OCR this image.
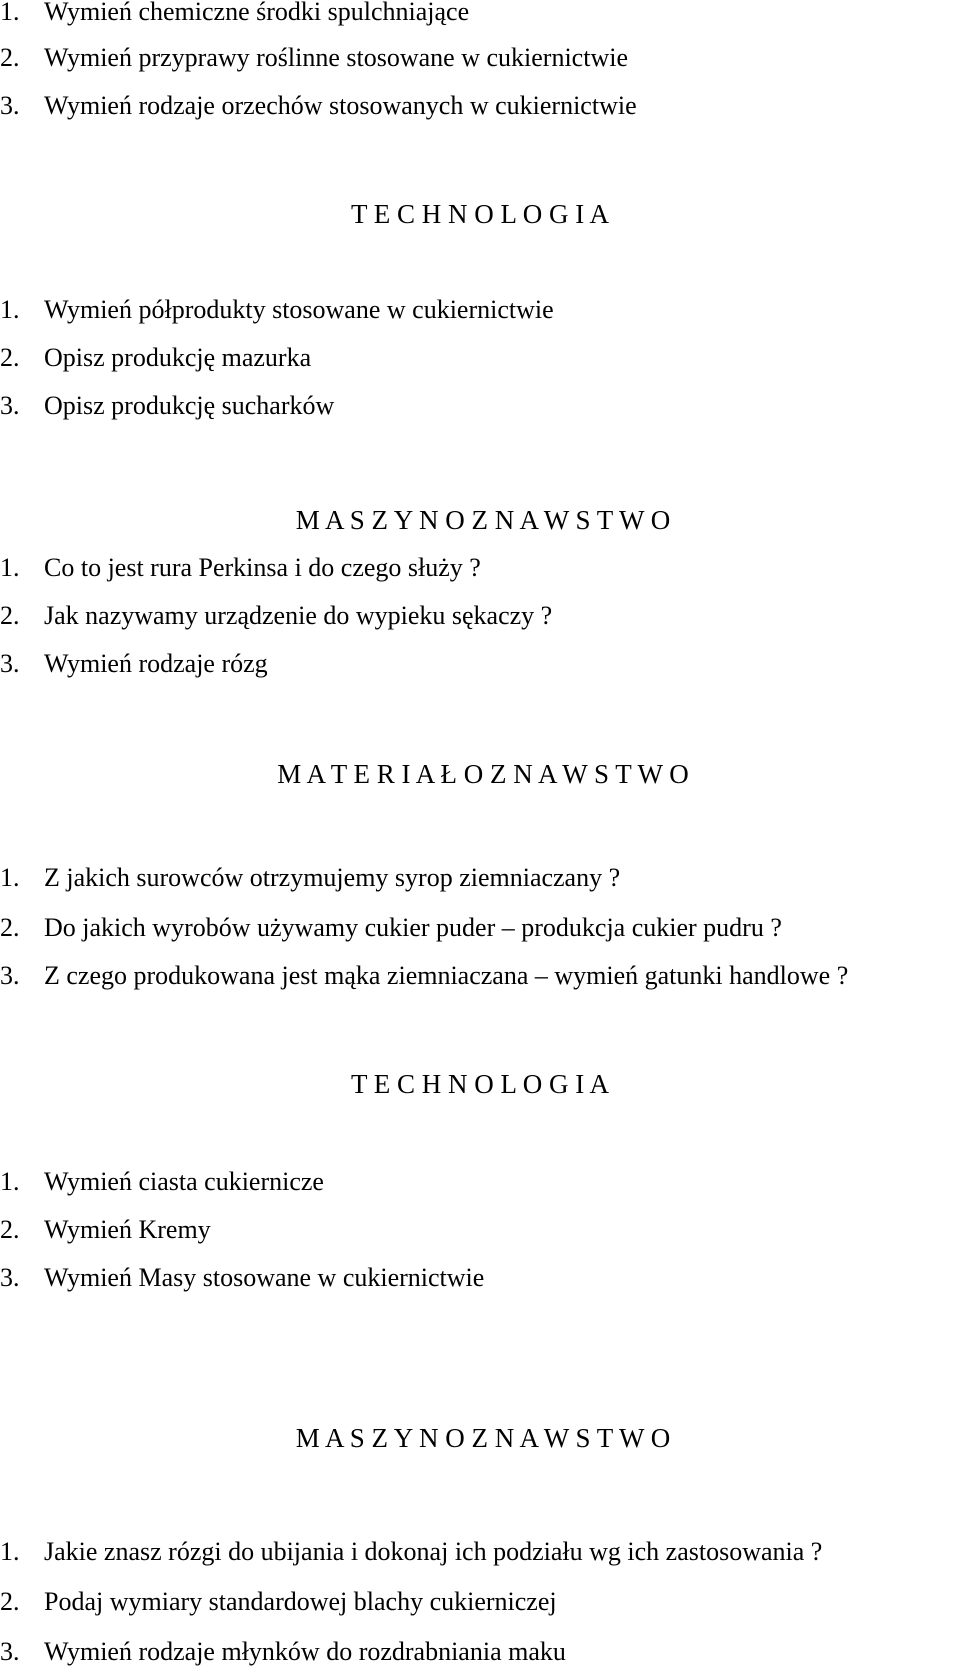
1. Wymień chemiczne środki spulchniające
2. Wymień przyprawy roślinne stosowane w cukiernictwie
3. Wymień rodzaje orzechów stosowanych w cukiernictwie
T E C H N O L O G I A
1. Wymień półprodukty stosowane w cukiernictwie
2. Opisz produkcję mazurka
3. Opisz produkcję sucharków
M A S Z Y N O Z N A W S T W O
1. Co to jest rura Perkinsa i do czego służy ?
2. Jak nazywamy urządzenie do wypieku sękaczy ?
3. Wymień rodzaje rózg
M A T E R I A Ł O Z N A W S T W O
1. Z jakich surowców otrzymujemy syrop ziemniaczany ?
2. Do jakich wyrobów używamy cukier puder – produkcja cukier pudru ?
3. Z czego produkowana jest mąka ziemniaczana – wymień gatunki handlowe ?
T E C H N O L O G I A
1. Wymień ciasta cukiernicze
2. Wymień Kremy
3. Wymień Masy stosowane w cukiernictwie
M A S Z Y N O Z N A W S T W O
1. Jakie znasz rózgi do ubijania i dokonaj ich podziału wg ich zastosowania ?
2. Podaj wymiary standardowej blachy cukierniczej
3. Wymień rodzaje młynków do rozdrabniania maku
